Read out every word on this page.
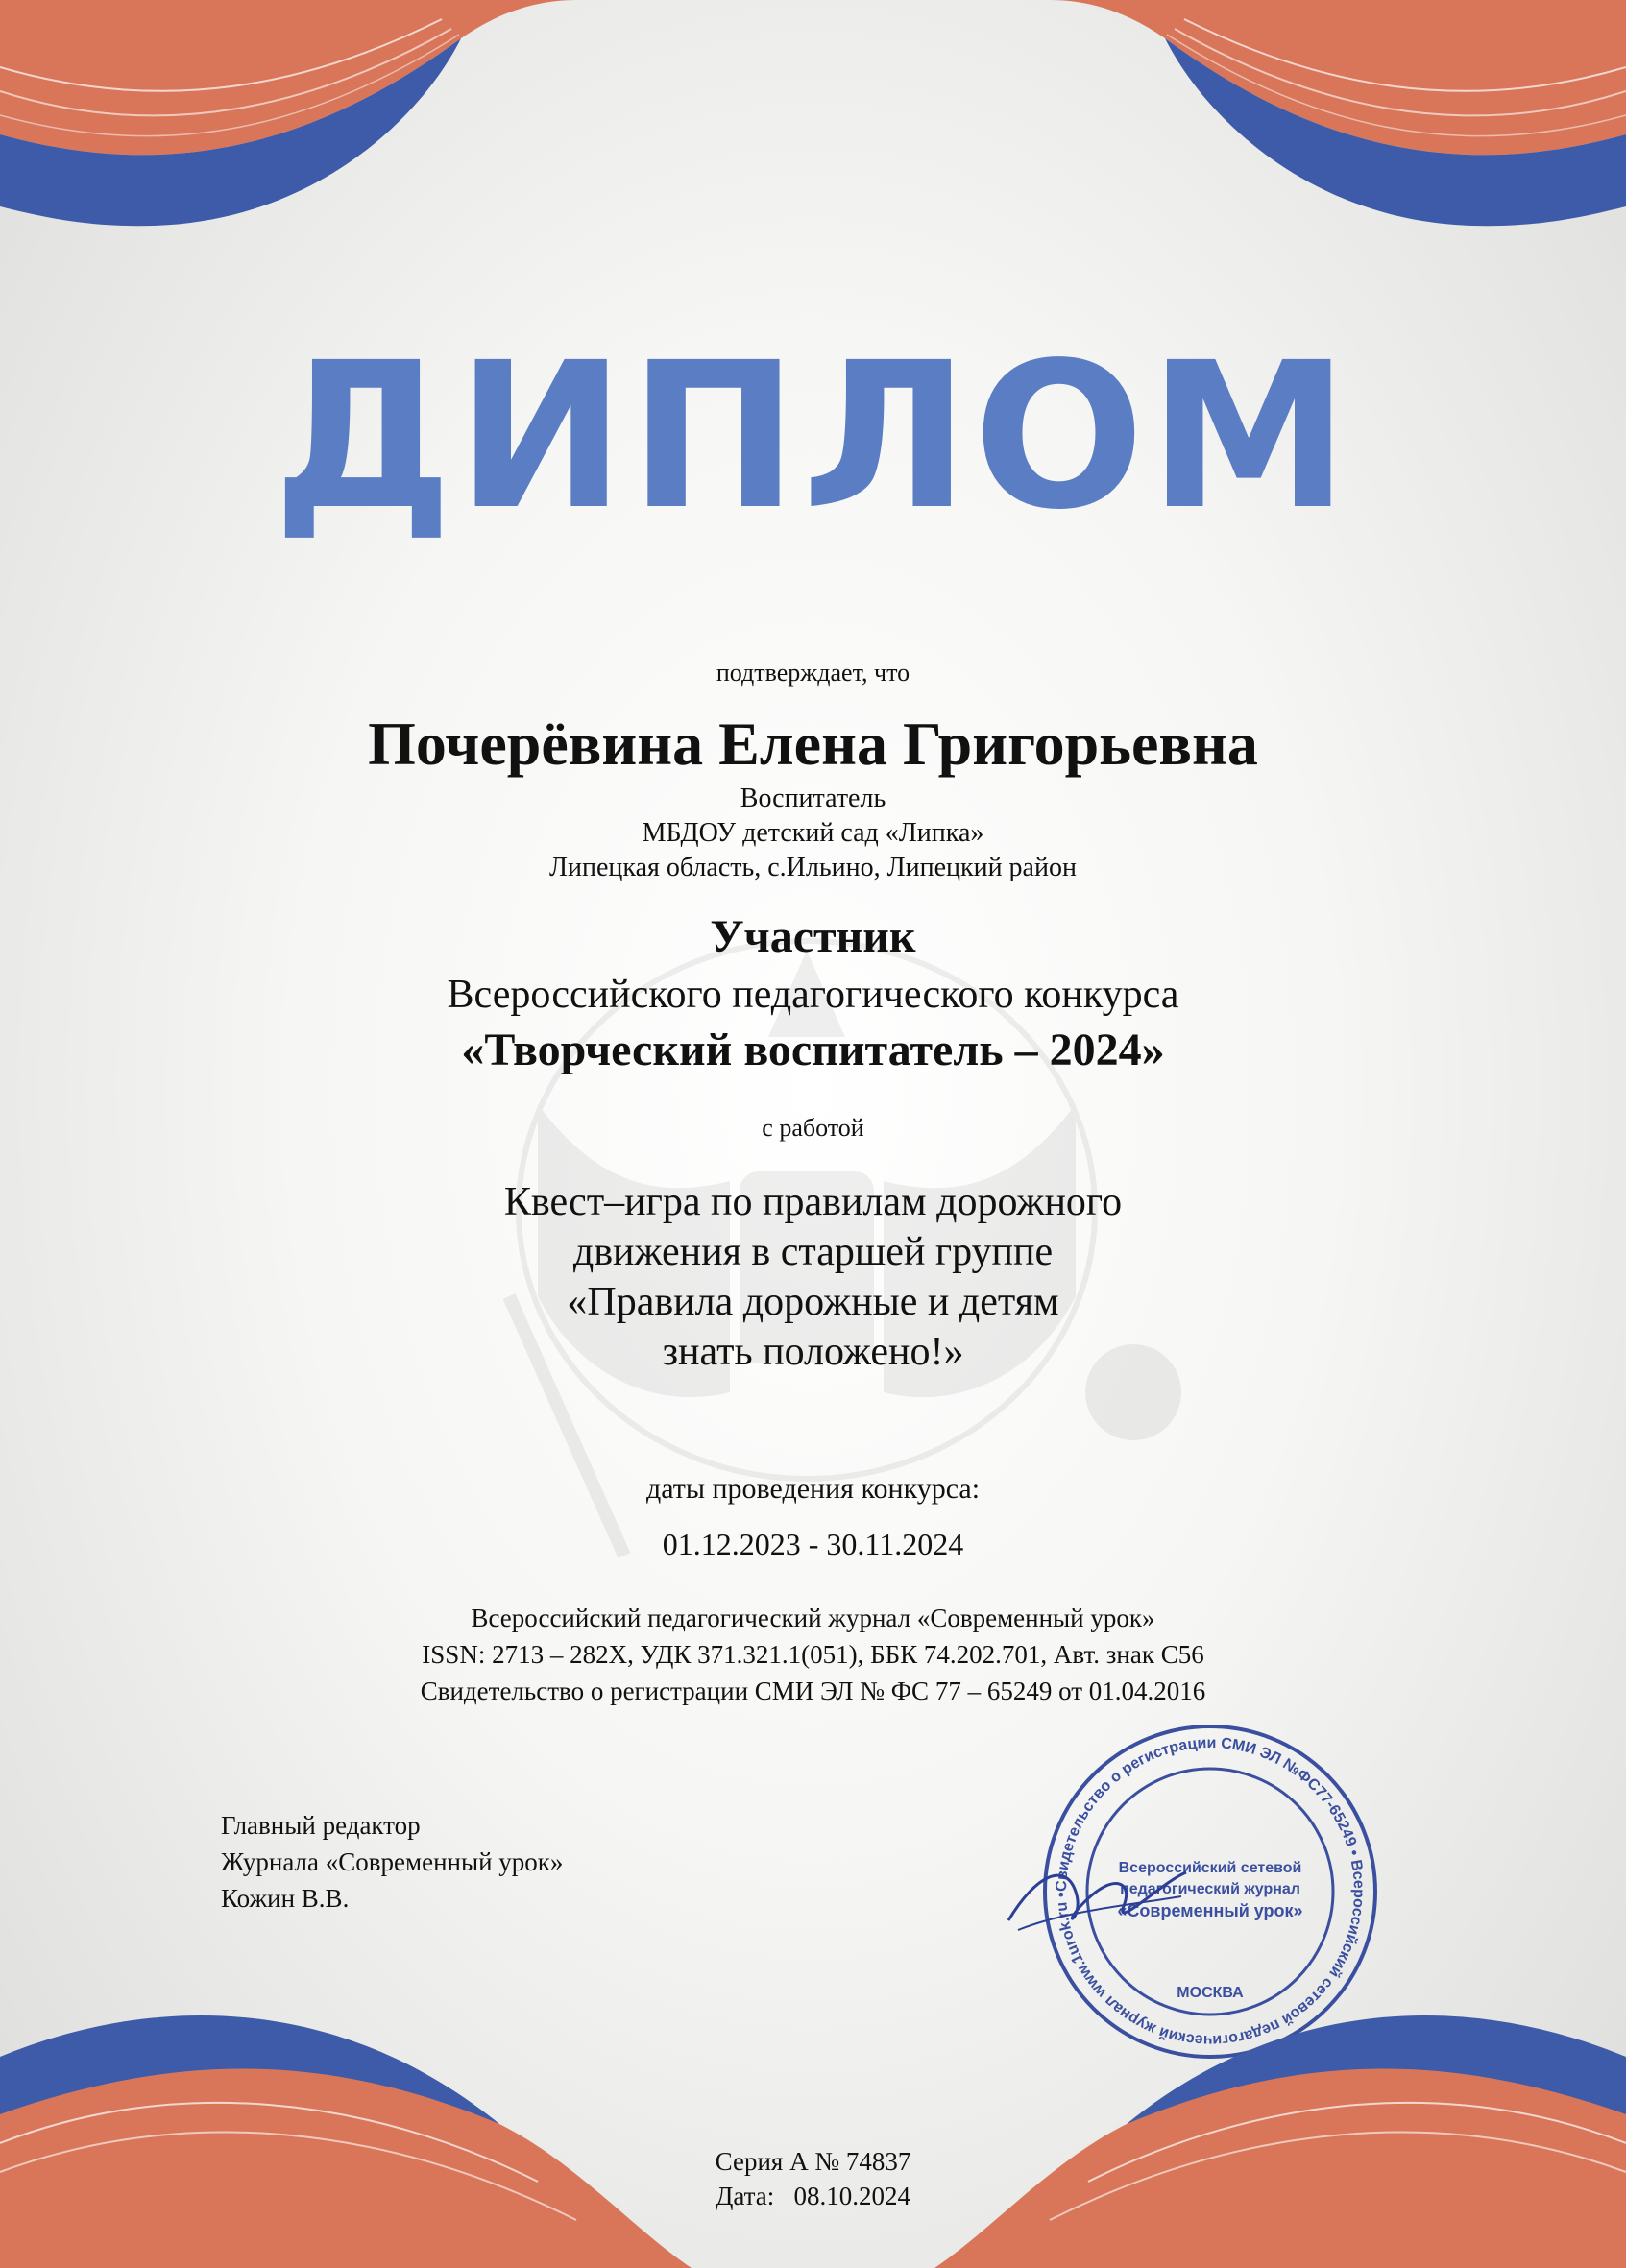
ДИПЛОМ
подтверждает, что
Почерёвина Елена Григорьевна
Воспитатель
МБДОУ детский сад «Липка»
Липецкая область, с.Ильино, Липецкий район
Участник
Всероссийского педагогического конкурса
«Творческий воспитатель – 2024»
с работой
Квест–игра по правилам дорожного
движения в старшей группе
«Правила дорожные и детям
знать положено!»
даты проведения конкурса:
01.12.2023 - 30.11.2024
Всероссийский педагогический журнал «Современный урок»
ISSN: 2713 – 282X, УДК 371.321.1(051), ББК 74.202.701, Авт. знак С56
Свидетельство о регистрации СМИ ЭЛ № ФС 77 – 65249 от 01.04.2016
Главный редактор
Журнала «Современный урок»
Кожин В.В.	Свидетельство о регистрации СМИ ЭЛ №ФС77-65249 • Всероссийский сетевой педагогический журнал www.1urok.ru •
Всероссийский сетевой
педагогический журнал
«Современный урок»
МОСКВА
Серия А № 74837
Дата:   08.10.2024
